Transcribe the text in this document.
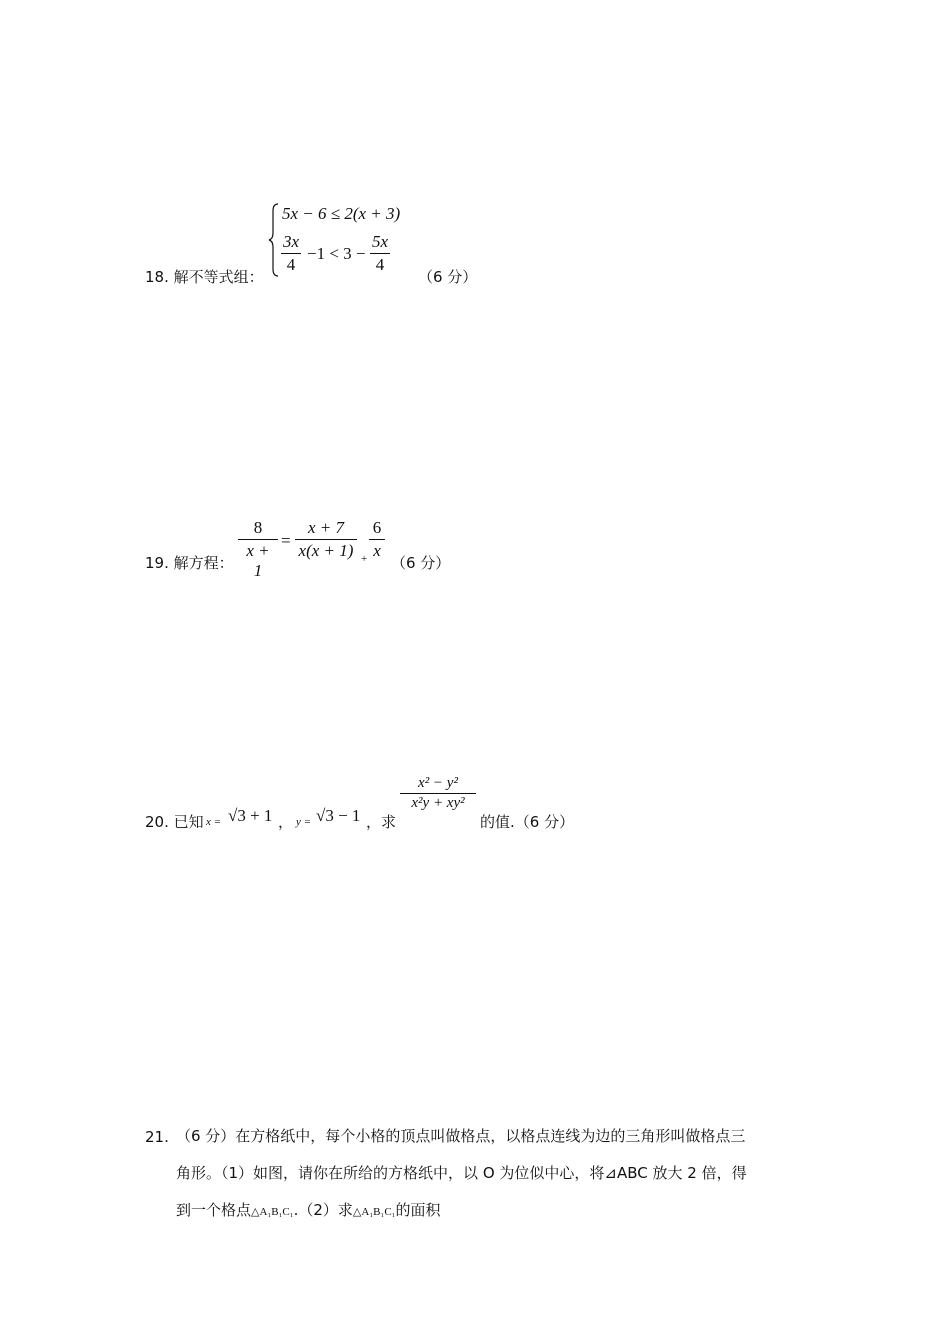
5x − 6 ≤ 2(x + 3)
3x
4
−1 < 3 −
5x
4
18. 解不等式组：	（6 分）
19. 解方程：
8
x + 1
=
x + 7
x(x + 1) +
6
x
（6 分）
20. 已知 x = √3 + 1 ， y = √3 − 1 ，求
x² − y²
x²y + xy²
的值.（6 分）
21. （6 分）在方格纸中，每个小格的顶点叫做格点，以格点连线为边的三角形叫做格点三
角形。（1）如图，请你在所给的方格纸中，以 O 为位似中心，将⊿ABC 放大 2 倍，得
到一个格点△A₁B₁C₁.（2）求△A₁B₁C₁的面积
